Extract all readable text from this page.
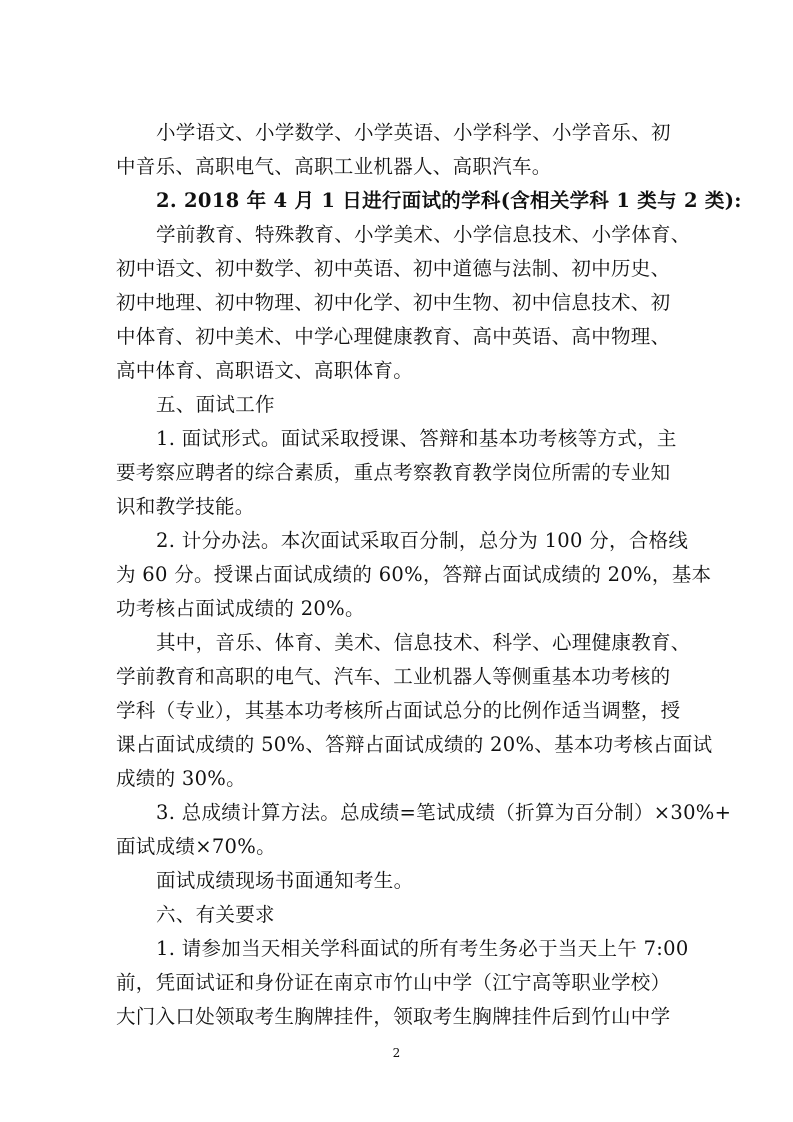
小学语文、小学数学、小学英语、小学科学、小学音乐、初
中音乐、高职电气、高职工业机器人、高职汽车。
2. 2018 年 4 月 1 日进行面试的学科(含相关学科 1 类与 2 类):
学前教育、特殊教育、小学美术、小学信息技术、小学体育、
初中语文、初中数学、初中英语、初中道德与法制、初中历史、
初中地理、初中物理、初中化学、初中生物、初中信息技术、初
中体育、初中美术、中学心理健康教育、高中英语、高中物理、
高中体育、高职语文、高职体育。
五、面试工作
1. 面试形式。面试采取授课、答辩和基本功考核等方式，主
要考察应聘者的综合素质，重点考察教育教学岗位所需的专业知
识和教学技能。
2. 计分办法。本次面试采取百分制，总分为 100 分，合格线
为 60 分。授课占面试成绩的 60%，答辩占面试成绩的 20%，基本
功考核占面试成绩的 20%。
其中，音乐、体育、美术、信息技术、科学、心理健康教育、
学前教育和高职的电气、汽车、工业机器人等侧重基本功考核的
学科（专业），其基本功考核所占面试总分的比例作适当调整，授
课占面试成绩的 50%、答辩占面试成绩的 20%、基本功考核占面试
成绩的 30%。
3. 总成绩计算方法。总成绩=笔试成绩（折算为百分制）×30%+
面试成绩×70%。
面试成绩现场书面通知考生。
六、有关要求
1. 请参加当天相关学科面试的所有考生务必于当天上午 7:00
前，凭面试证和身份证在南京市竹山中学（江宁高等职业学校）
大门入口处领取考生胸牌挂件，领取考生胸牌挂件后到竹山中学
2
